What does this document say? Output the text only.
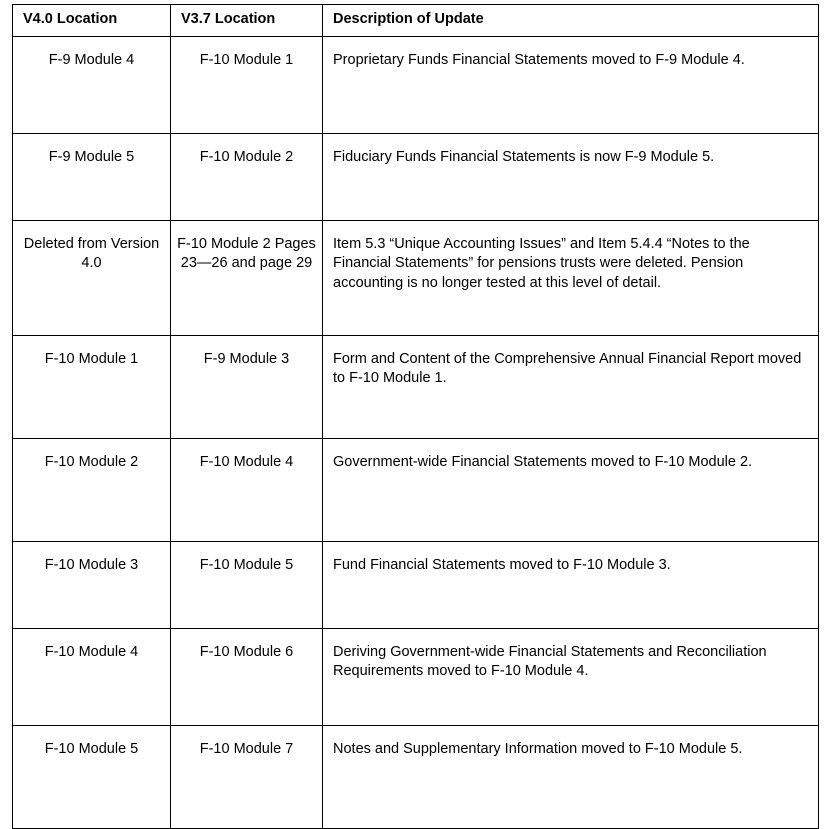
V4.0 Location	V3.7 Location	Description of Update
F-9 Module 4	F-10 Module 1	Proprietary Funds Financial Statements moved to F-9 Module 4.
F-9 Module 5	F-10 Module 2	Fiduciary Funds Financial Statements is now F-9 Module 5.
Deleted from Version 4.0	F-10 Module 2 Pages 23—26 and page 29	Item 5.3 “Unique Accounting Issues” and Item 5.4.4 “Notes to the Financial Statements” for pensions trusts were deleted. Pension accounting is no longer tested at this level of detail.
F-10 Module 1	F-9 Module 3	Form and Content of the Comprehensive Annual Financial Report moved to F-10 Module 1.
F-10 Module 2	F-10 Module 4	Government-wide Financial Statements moved to F-10 Module 2.
F-10 Module 3	F-10 Module 5	Fund Financial Statements moved to F-10 Module 3.
F-10 Module 4	F-10 Module 6	Deriving Government-wide Financial Statements and Reconciliation Requirements moved to F-10 Module 4.
F-10 Module 5	F-10 Module 7	Notes and Supplementary Information moved to F-10 Module 5.
